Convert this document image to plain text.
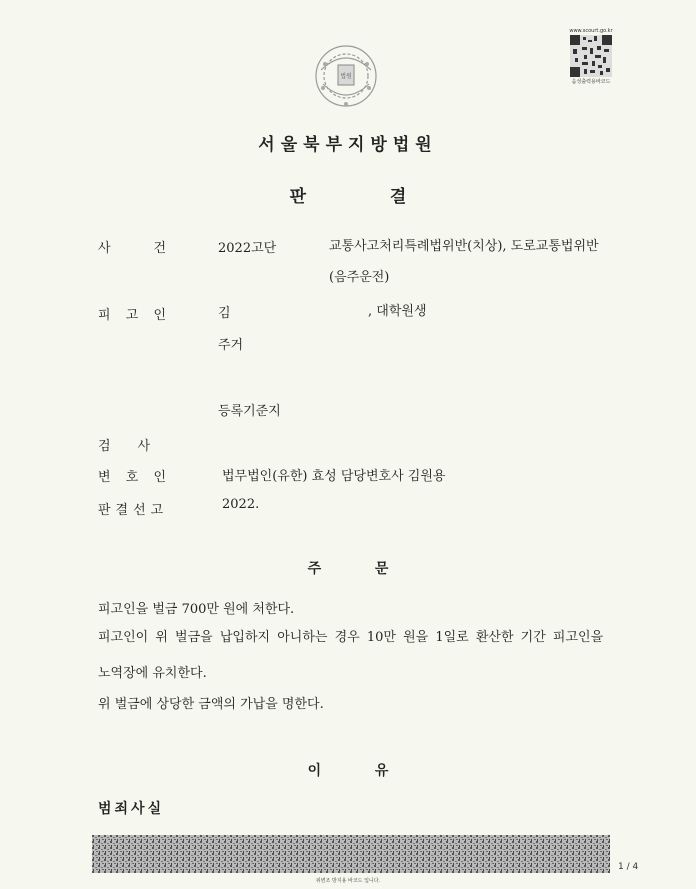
법원
www.scourt.go.kr
음성출력용바코드
서울북부지방법원
판	결
사	건	2022고단	교통사고처리특례법위반(치상), 도로교통법위반
(음주운전)
피 고 인	김	, 대학원생
주거
등록기준지
검 사
변 호 인	법무법인(유한) 효성 담당변호사 김원용
판결선고	2022.
주	문
피고인을 벌금 700만 원에 처한다.
피고인이 위 벌금을 납입하지 아니하는 경우 10만 원을 1일로 환산한 기간 피고인을
노역장에 유치한다.
위 벌금에 상당한 금액의 가납을 명한다.
이	유
범죄사실
1 / 4
위변조 방지용 바코드 입니다.
